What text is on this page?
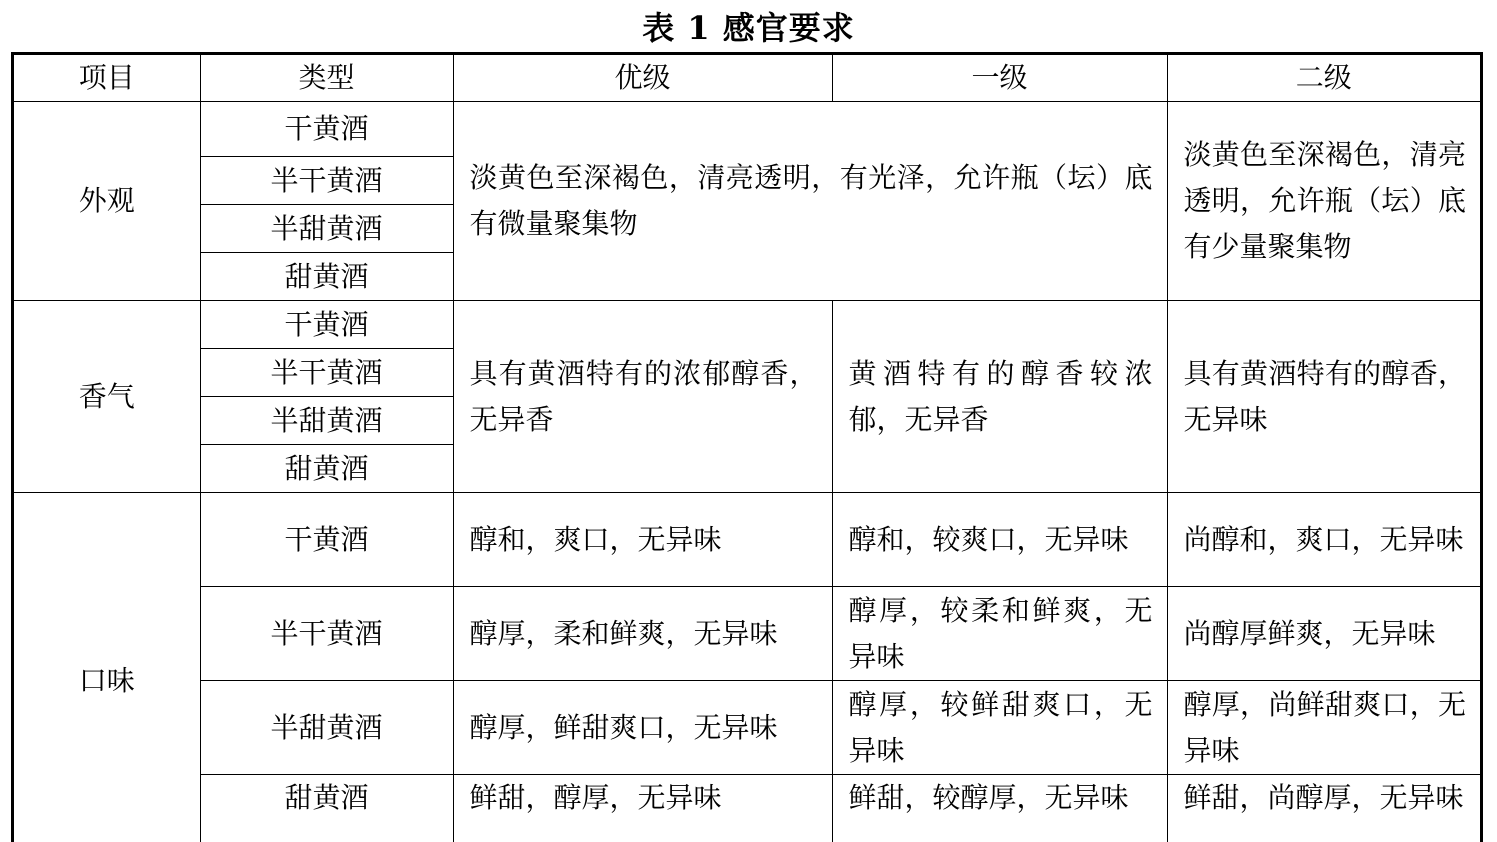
表 1 感官要求
项目	类型	优级	一级	二级
外观	干黄酒	淡黄色至深褐色，清亮透明，有光泽，允许瓶（坛）底有微量聚集物		淡黄色至深褐色，清亮透明，允许瓶（坛）底有少量聚集物
	半干黄酒			
	半甜黄酒			
	甜黄酒			
香气	干黄酒	具有黄酒特有的浓郁醇香，无异香	黄酒特有的醇香较浓郁，无异香	具有黄酒特有的醇香，无异味
	半干黄酒			
	半甜黄酒			
	甜黄酒			
口味	干黄酒	醇和，爽口，无异味	醇和，较爽口，无异味	尚醇和，爽口，无异味
	半干黄酒	醇厚，柔和鲜爽，无异味	醇厚，较柔和鲜爽，无异味	尚醇厚鲜爽，无异味
	半甜黄酒	醇厚，鲜甜爽口，无异味	醇厚，较鲜甜爽口，无异味	醇厚，尚鲜甜爽口，无异味
	甜黄酒	鲜甜，醇厚，无异味	鲜甜，较醇厚，无异味	鲜甜，尚醇厚，无异味
